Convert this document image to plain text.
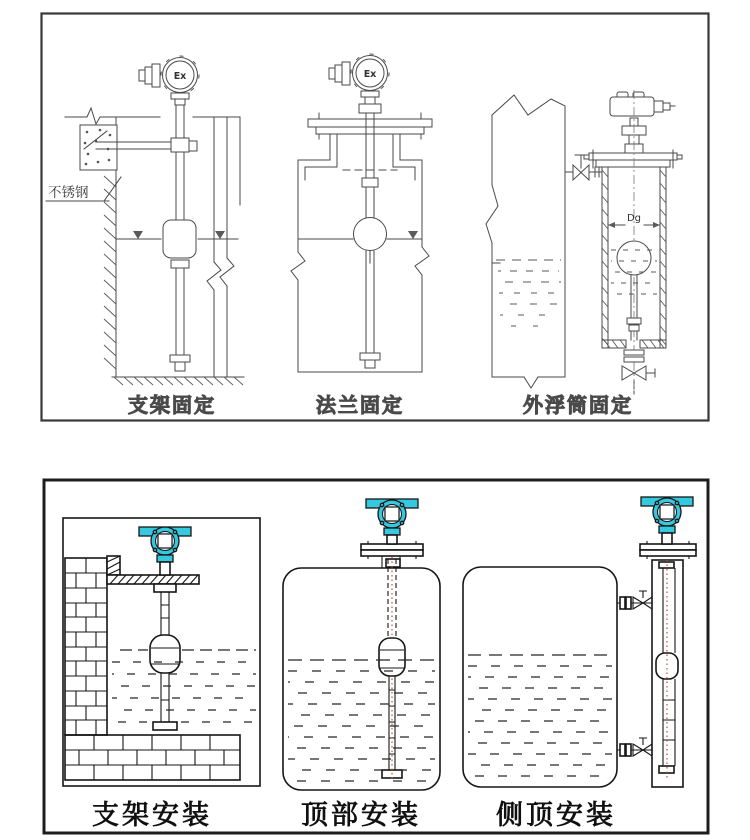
Ex
不锈钢
支架固定
Ex
法兰固定
Dg
外浮筒固定
支架安装	顶部安装	侧顶安装
